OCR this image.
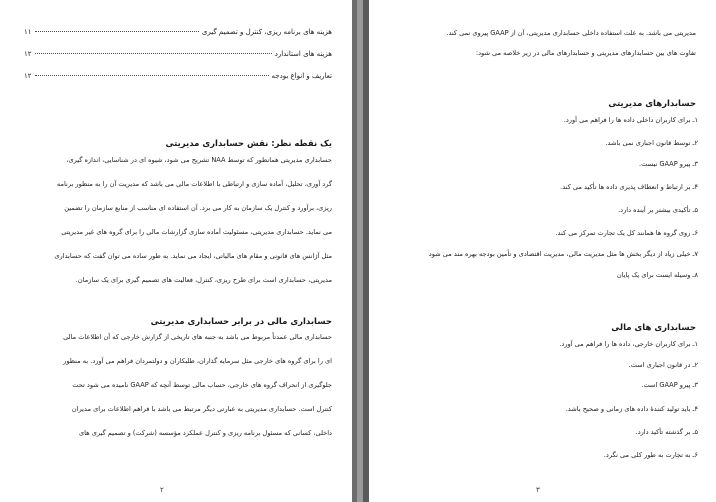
هزینه های برنامه ریزی، کنترل و تصمیم گیری
۱۱
هزینه های استاندارد
۱۲
تعاریف و انواع بودجه
۱۲
یک نقطه نظر: نقش حسابداری مدیریتی
حسابداری مدیریتی همانطور که توسط NAA تشریح می شود، شیوه ای در شناسایی، اندازه گیری،
گرد آوری، تحلیل، آماده سازی و ارتباطی با اطلاعات مالی می باشد که مدیریت آن را به منظور برنامه
ریزی، برآورد و کنترل یک سازمان به کار می برد. آن استفاده ای مناسب از منابع سازمان را تضمین
می نماید. حسابداری مدیریتی، مسئولیت آماده سازی گزارشات مالی را برای گروه های غیر مدیریتی
مثل آژانس های قانونی و مقام های مالیاتی، ایجاد می نماید. به طور ساده می توان گفت که حسابداری
مدیریتی، حسابداری است برای طرح ریزی، کنترل، فعالیت های تصمیم گیری برای یک سازمان.
حسابداری مالی در برابر حسابداری مدیریتی
حسابداری مالی عمدتاً مربوط می باشد به جنبه های تاریخی از گزارش خارجی که آن اطلاعات مالی
ای را برای گروه های خارجی مثل سرمایه گذاران، طلبکاران و دولتمردان فراهم می آورد. به منظور
جلوگیری از انحراف گروه های خارجی، حساب مالی توسط آنچه که GAAP نامیده می شود تحت
کنترل است. حسابداری مدیریتی به عبارتی دیگر مرتبط می باشد با فراهم اطلاعات برای مدیران
داخلی، کسانی که مسئول برنامه ریزی و کنترل عملکرد مؤسسه (شرکت) و تصمیم گیری های
۲
مدیریتی می باشد. به علت استفاده داخلی حسابداری مدیریتی، آن از GAAP پیروی نمی کند.
تفاوت های بین حسابدارهای مدیریتی و حسابدارهای مالی در زیر خلاصه می شود:
حسابدارهای مدیریتی
۱ـ برای کاربران داخلی داده ها را فراهم می آورد.
۲ـ توسط قانون اجباری نمی باشد.
۳ـ پیرو GAAP نیست.
۴ـ بر ارتباط و انعطاف پذیری داده ها تأکید می کند.
۵ـ تأکیدی بیشتر بر آینده دارد.
۶ـ روی گروه ها همانند کل یک تجارت تمرکز می کند.
۷ـ خیلی زیاد از دیگر بخش ها مثل مدیریت مالی، مدیریت اقتصادی و تأمین بودجه بهره مند می شود
۸ـ وسیله ایست برای یک پایان
حسابداری های مالی
۱ـ برای کاربران خارجی، داده ها را فراهم می آورد.
۲ـ در قانون اجباری است.
۳ـ پیرو GAAP است.
۴ـ باید تولید کنندهٔ داده های زمانی و صحیح باشد.
۵ـ بر گذشته تأکید دارد.
۶ـ به تجارت به طور کلی می نگرد.
۳
